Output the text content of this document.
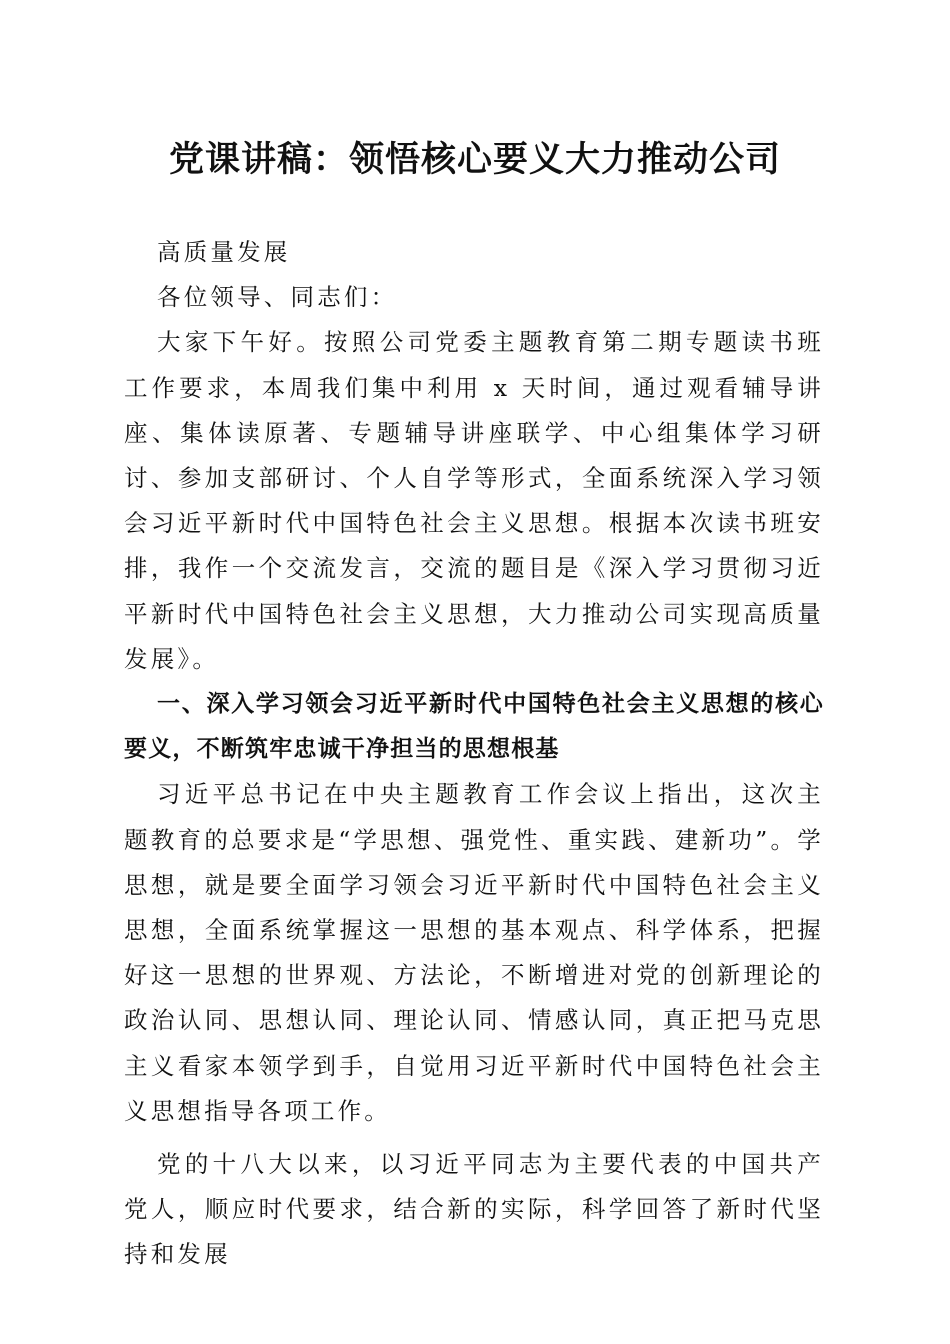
党课讲稿：领悟核心要义大力推动公司

高质量发展

各位领导、同志们：

大家下午好。按照公司党委主题教育第二期专题读书班工作要求，本周我们集中利用 x 天时间，通过观看辅导讲座、集体读原著、专题辅导讲座联学、中心组集体学习研讨、参加支部研讨、个人自学等形式，全面系统深入学习领会习近平新时代中国特色社会主义思想。根据本次读书班安排，我作一个交流发言，交流的题目是《深入学习贯彻习近平新时代中国特色社会主义思想，大力推动公司实现高质量发展》。

一、深入学习领会习近平新时代中国特色社会主义思想的核心要义，不断筑牢忠诚干净担当的思想根基

习近平总书记在中央主题教育工作会议上指出，这次主题教育的总要求是“学思想、强党性、重实践、建新功”。学思想，就是要全面学习领会习近平新时代中国特色社会主义思想，全面系统掌握这一思想的基本观点、科学体系，把握好这一思想的世界观、方法论，不断增进对党的创新理论的政治认同、思想认同、理论认同、情感认同，真正把马克思主义看家本领学到手，自觉用习近平新时代中国特色社会主义思想指导各项工作。

党的十八大以来，以习近平同志为主要代表的中国共产党人，顺应时代要求，结合新的实际，科学回答了新时代坚持和发展
